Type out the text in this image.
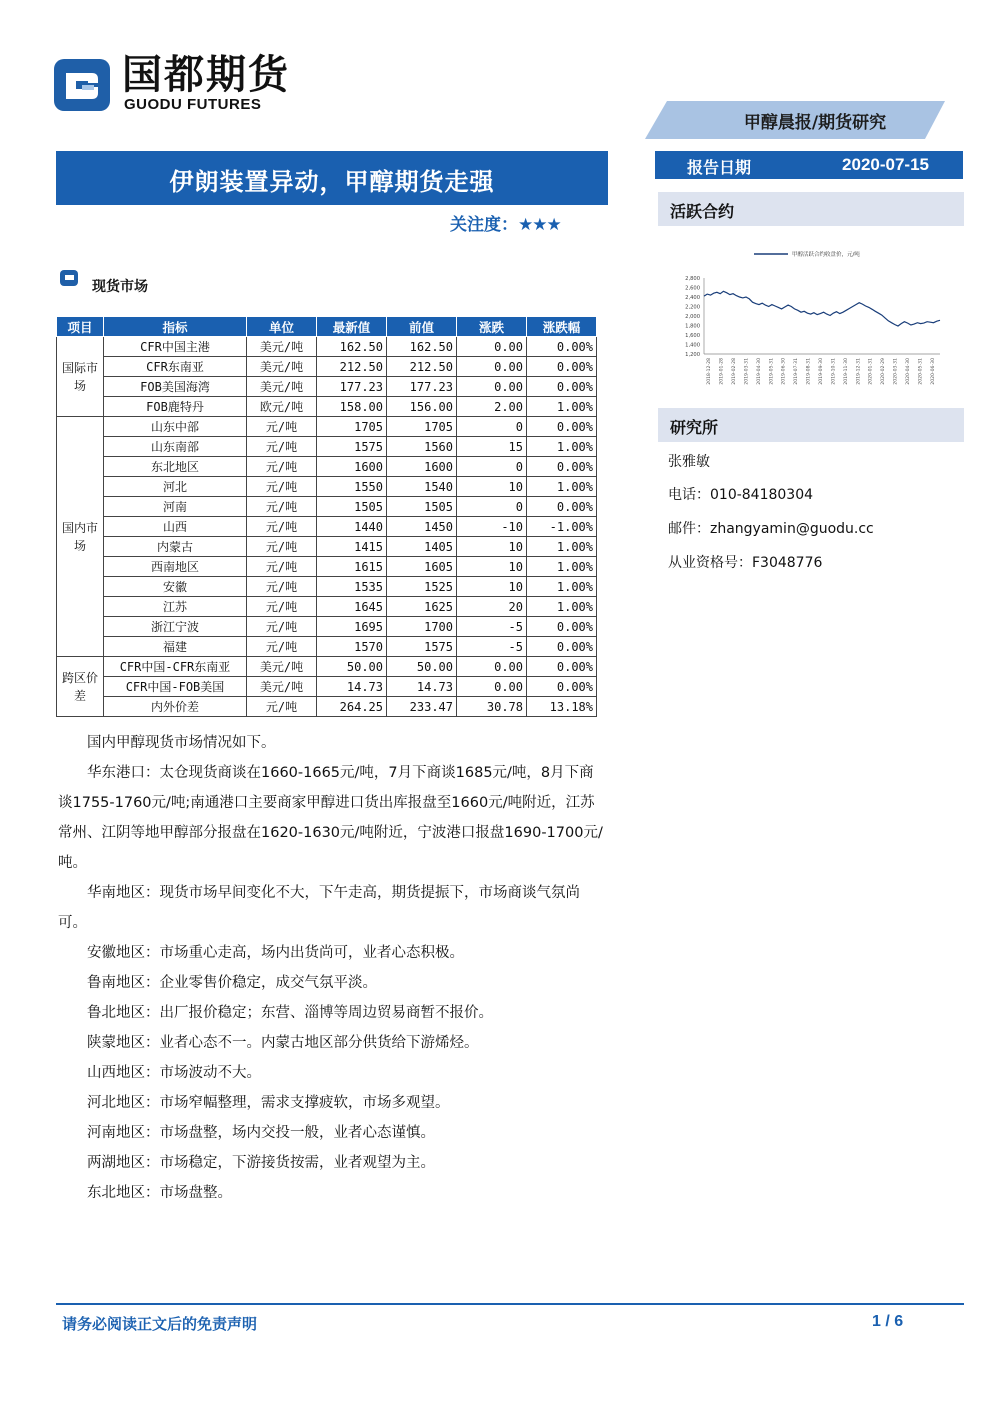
国都期货
GUODU FUTURES
甲醇晨报/期货研究
报告日期	2020-07-15
活跃合约
甲醇活跃合约收盘价，元/吨
1,200
1,400
1,600
1,800
2,000
2,200
2,400
2,600
2,800
2018-12-28 2019-01-28 2019-02-28 2019-03-31 2019-04-30 2019-05-31 2019-06-30 2019-07-31 2019-08-31 2019-09-30 2019-10-31 2019-11-30 2019-12-31 2020-01-31 2020-02-29 2020-03-31 2020-04-30 2020-05-31 2020-06-30
研究所
张雅敏
电话：010-84180304
邮件：zhangyamin@guodu.cc
从业资格号：F3048776
伊朗装置异动，甲醇期货走强
关注度：★★★
现货市场
项目	指标	单位	最新值	前值	涨跌	涨跌幅
国际市场	CFR中国主港	美元/吨	162.50	162.50	0.00	0.00%
	CFR东南亚	美元/吨	212.50	212.50	0.00	0.00%
	FOB美国海湾	美元/吨	177.23	177.23	0.00	0.00%
	FOB鹿特丹	欧元/吨	158.00	156.00	2.00	1.00%
国内市场	山东中部	元/吨	1705	1705	0	0.00%
	山东南部	元/吨	1575	1560	15	1.00%
	东北地区	元/吨	1600	1600	0	0.00%
	河北	元/吨	1550	1540	10	1.00%
	河南	元/吨	1505	1505	0	0.00%
	山西	元/吨	1440	1450	-10	-1.00%
	内蒙古	元/吨	1415	1405	10	1.00%
	西南地区	元/吨	1615	1605	10	1.00%
	安徽	元/吨	1535	1525	10	1.00%
	江苏	元/吨	1645	1625	20	1.00%
	浙江宁波	元/吨	1695	1700	-5	0.00%
	福建	元/吨	1570	1575	-5	0.00%
跨区价差	CFR中国-CFR东南亚	美元/吨	50.00	50.00	0.00	0.00%
	CFR中国-FOB美国	美元/吨	14.73	14.73	0.00	0.00%
	内外价差	元/吨	264.25	233.47	30.78	13.18%

国内甲醇现货市场情况如下。

华东港口：太仓现货商谈在1660-1665元/吨，7月下商谈1685元/吨，8月下商谈1755-1760元/吨;南通港口主要商家甲醇进口货出库报盘至1660元/吨附近，江苏常州、江阴等地甲醇部分报盘在1620-1630元/吨附近，宁波港口报盘1690-1700元/吨。

华南地区：现货市场早间变化不大，下午走高，期货提振下，市场商谈气氛尚可。

安徽地区：市场重心走高，场内出货尚可，业者心态积极。

鲁南地区：企业零售价稳定，成交气氛平淡。

鲁北地区：出厂报价稳定；东营、淄博等周边贸易商暂不报价。

陕蒙地区：业者心态不一。内蒙古地区部分供货给下游烯烃。

山西地区：市场波动不大。

河北地区：市场窄幅整理，需求支撑疲软，市场多观望。

河南地区：市场盘整，场内交投一般，业者心态谨慎。

两湖地区：市场稳定，下游接货按需，业者观望为主。

东北地区：市场盘整。

请务必阅读正文后的免责声明	1 / 6
